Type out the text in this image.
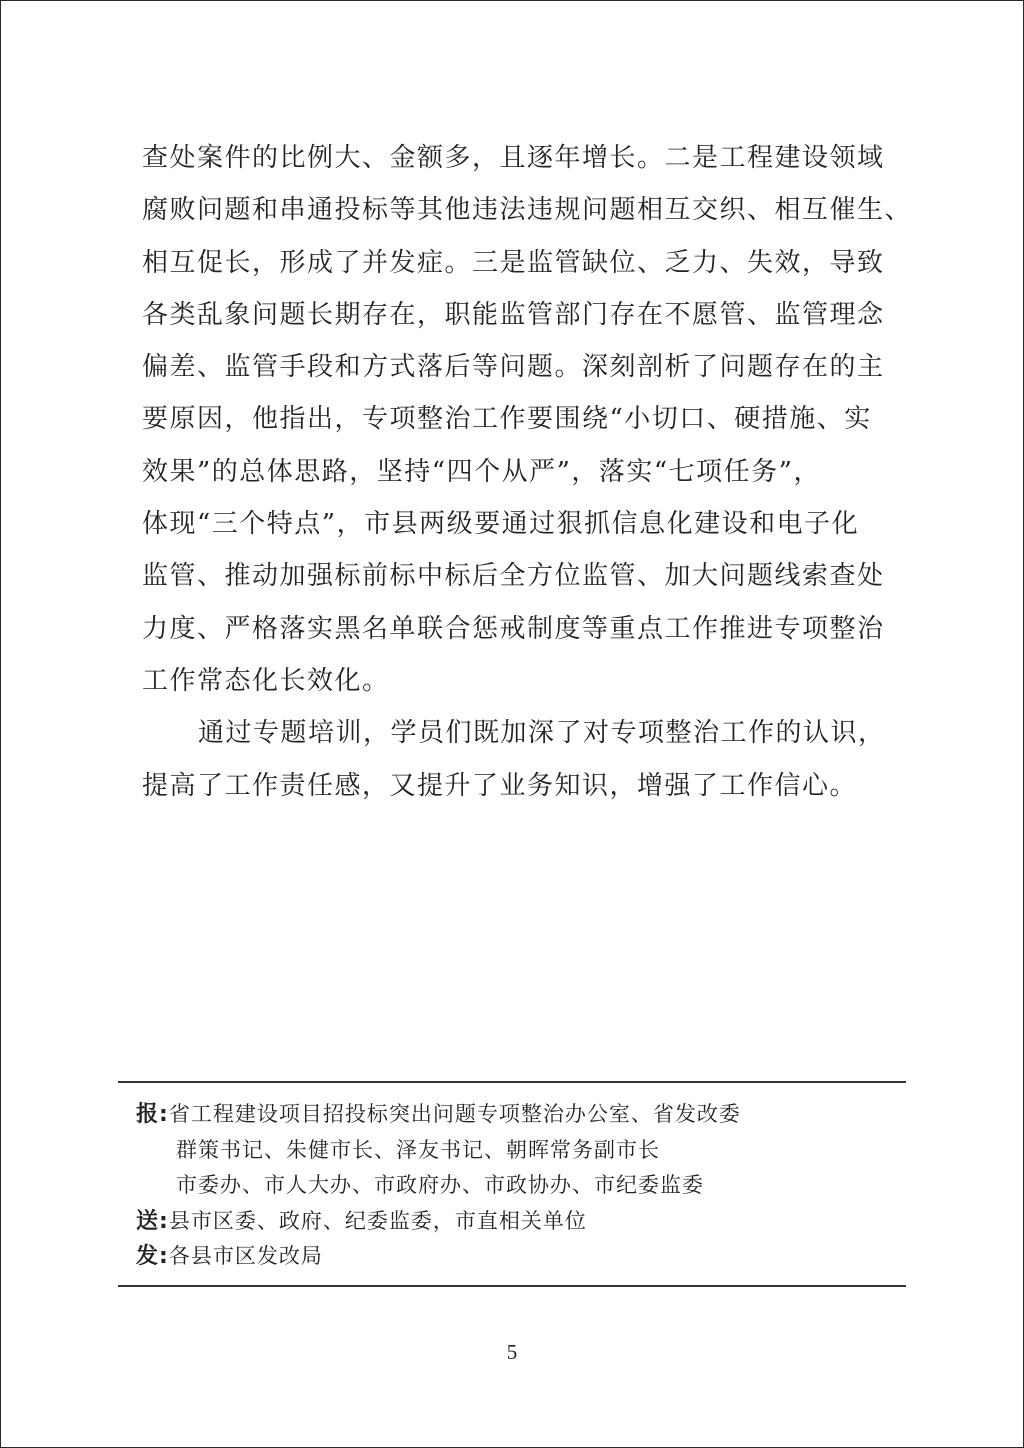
查处案件的比例大、金额多，且逐年增长。二是工程建设领域
腐败问题和串通投标等其他违法违规问题相互交织、相互催生、
相互促长，形成了并发症。三是监管缺位、乏力、失效，导致
各类乱象问题长期存在，职能监管部门存在不愿管、监管理念
偏差、监管手段和方式落后等问题。深刻剖析了问题存在的主
要原因，他指出，专项整治工作要围绕“小切口、硬措施、实
效果”的总体思路，坚持“四个从严”，落实“七项任务”，
体现“三个特点”，市县两级要通过狠抓信息化建设和电子化
监管、推动加强标前标中标后全方位监管、加大问题线索查处
力度、严格落实黑名单联合惩戒制度等重点工作推进专项整治
工作常态化长效化。

通过专题培训，学员们既加深了对专项整治工作的认识，
提高了工作责任感，又提升了业务知识，增强了工作信心。

报:省工程建设项目招投标突出问题专项整治办公室、省发改委
群策书记、朱健市长、泽友书记、朝晖常务副市长
市委办、市人大办、市政府办、市政协办、市纪委监委
送:县市区委、政府、纪委监委，市直相关单位
发:各县市区发改局
5
